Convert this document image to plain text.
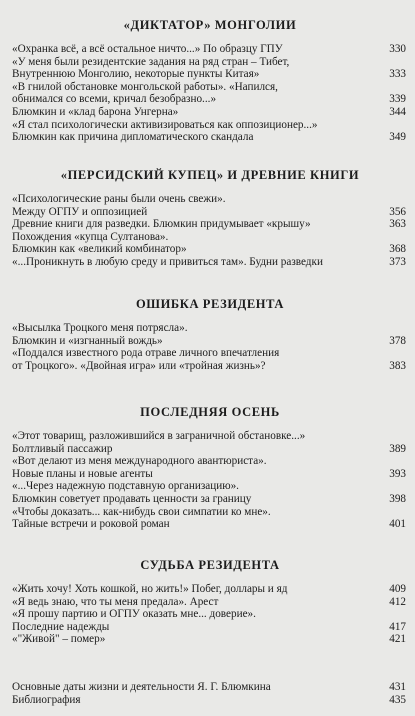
«ДИКТАТОР» МОНГОЛИИ
«Охранка всё, а всё остальное ничто...» По образцу ГПУ	330
«У меня были резидентские задания на ряд стран – Тибет,
Внутреннюю Монголию, некоторые пункты Китая»	333
«В гнилой обстановке монгольской работы». «Напился,
обнимался со всеми, кричал безобразно...»	339
Блюмкин и «клад барона Унгерна»	344
«Я стал психологически активизироваться как оппозиционер...»
Блюмкин как причина дипломатического скандала	349
«ПЕРСИДСКИЙ КУПЕЦ» И ДРЕВНИЕ КНИГИ
«Психологические раны были очень свежи».
Между ОГПУ и оппозицией	356
Древние книги для разведки. Блюмкин придумывает «крышу»	363
Похождения «купца Султанова».
Блюмкин как «великий комбинатор»	368
«...Проникнуть в любую среду и привиться там». Будни разведки	373
ОШИБКА РЕЗИДЕНТА
«Высылка Троцкого меня потрясла».
Блюмкин и «изгнанный вождь»	378
«Поддался известного рода отраве личного впечатления
от Троцкого». «Двойная игра» или «тройная жизнь»?	383
ПОСЛЕДНЯЯ ОСЕНЬ
«Этот товарищ, разложившийся в заграничной обстановке...»
Болтливый пассажир	389
«Вот делают из меня международного авантюриста».
Новые планы и новые агенты	393
«...Через надежную подставную организацию».
Блюмкин советует продавать ценности за границу	398
«Чтобы доказать... как-нибудь свои симпатии ко мне».
Тайные встречи и роковой роман	401
СУДЬБА РЕЗИДЕНТА
«Жить хочу! Хоть кошкой, но жить!» Побег, доллары и яд	409
«Я ведь знаю, что ты меня предала». Арест	412
«Я прошу партию и ОГПУ оказать мне... доверие».
Последние надежды	417
«"Живой" – помер»	421
Основные даты жизни и деятельности Я. Г. Блюмкина	431
Библиография	435
